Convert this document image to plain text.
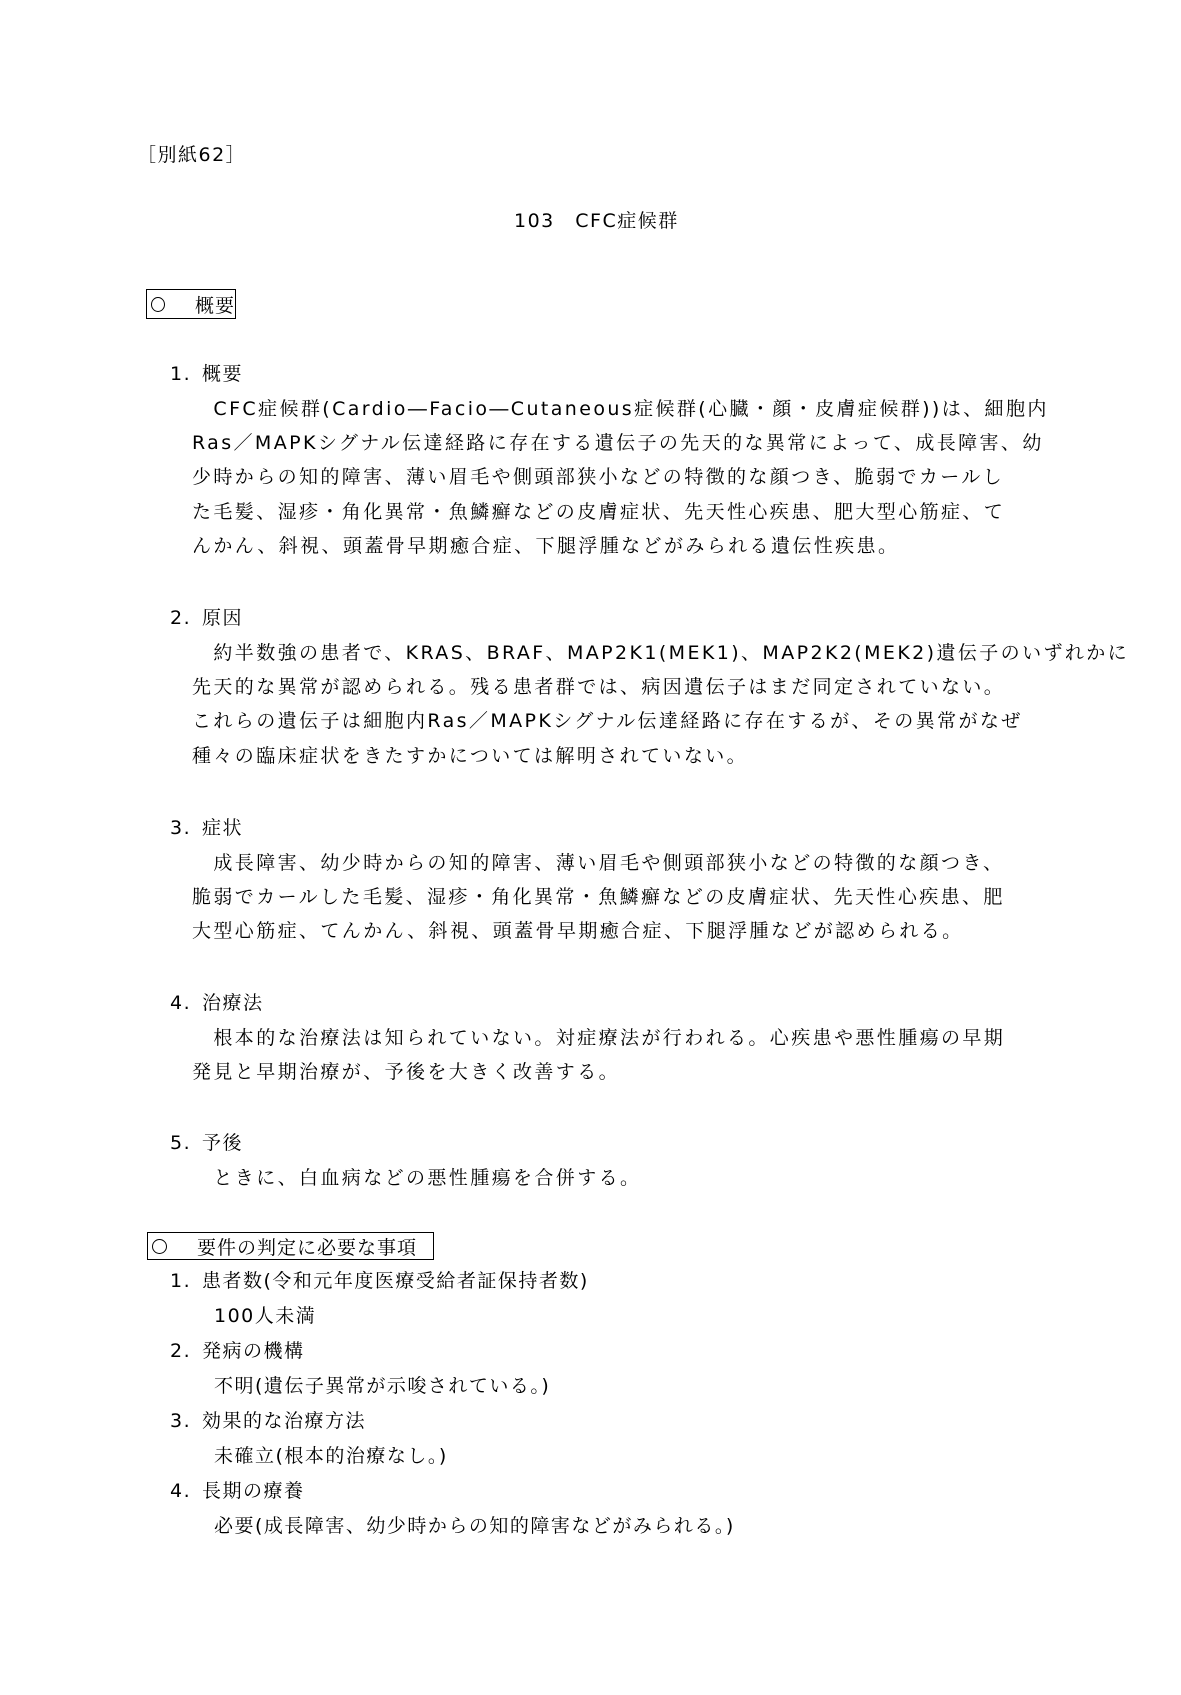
［別紙62］
103　CFC症候群
概要
1. 概要
　CFC症候群(Cardio―Facio―Cutaneous症候群(心臓・顔・皮膚症候群))は、細胞内
Ras／MAPKシグナル伝達経路に存在する遺伝子の先天的な異常によって、成長障害、幼
少時からの知的障害、薄い眉毛や側頭部狭小などの特徴的な顔つき、脆弱でカールし
た毛髪、湿疹・角化異常・魚鱗癬などの皮膚症状、先天性心疾患、肥大型心筋症、て
んかん、斜視、頭蓋骨早期癒合症、下腿浮腫などがみられる遺伝性疾患。
2. 原因
　約半数強の患者で、KRAS、BRAF、MAP2K1(MEK1)、MAP2K2(MEK2)遺伝子のいずれかに
先天的な異常が認められる。残る患者群では、病因遺伝子はまだ同定されていない。
これらの遺伝子は細胞内Ras／MAPKシグナル伝達経路に存在するが、その異常がなぜ
種々の臨床症状をきたすかについては解明されていない。
3. 症状
　成長障害、幼少時からの知的障害、薄い眉毛や側頭部狭小などの特徴的な顔つき、
脆弱でカールした毛髪、湿疹・角化異常・魚鱗癬などの皮膚症状、先天性心疾患、肥
大型心筋症、てんかん、斜視、頭蓋骨早期癒合症、下腿浮腫などが認められる。
4. 治療法
　根本的な治療法は知られていない。対症療法が行われる。心疾患や悪性腫瘍の早期
発見と早期治療が、予後を大きく改善する。
5. 予後
　ときに、白血病などの悪性腫瘍を合併する。
要件の判定に必要な事項
1. 患者数(令和元年度医療受給者証保持者数)
100人未満
2. 発病の機構
不明(遺伝子異常が示唆されている。)
3. 効果的な治療方法
未確立(根本的治療なし。)
4. 長期の療養
必要(成長障害、幼少時からの知的障害などがみられる。)
